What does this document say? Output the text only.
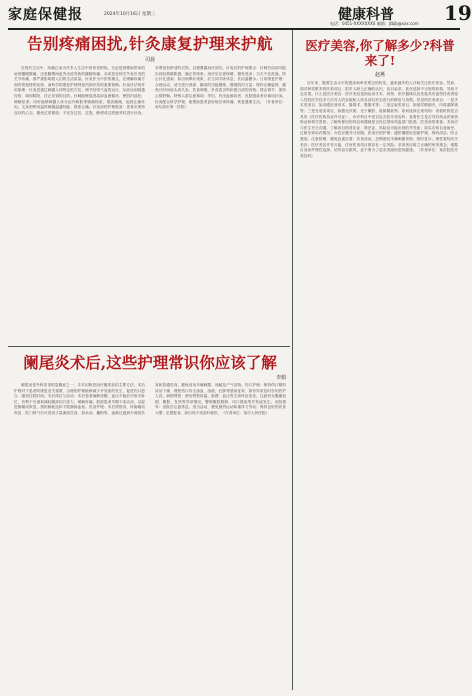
家庭保健报	2024年10月16日 星期三	健康科普	19
电话：0451-XXXXXXXX 邮箱：jtbjb@xxx.com
告别疼痛困扰,针灸康复护理来护航
司晨
在现代生活中，疼痛已成为许多人生活中的常见困扰。无论是颈椎病带来的肩颈僵硬酸痛，还是腰椎间盘突出症导致的腰腿疼痛，亦或是各种关节炎引发的关节疼痛，都严重影响着人们的生活质量。针灸作为中医的瑰宝，在缓解疼痛方面有着独特的优势，而科学的康复护理则是巩固疗效的重要保障。针灸疗法的作用原理：针灸是通过刺激人体特定的穴位，调节经络气血的运行，从而达到疏通经络、调和阴阳、扶正祛邪的目的。针刺能够促进局部血液循环，使肌肉放松，缓解痉挛；同时能够刺激人体分泌内啡肽等镇痛物质，提高痛阈，起到止痛作用。艾灸则利用温热刺激温通经脉，散寒止痛。针灸前的护理准备：患者应保持良好的心态，避免过度紧张；不宜在过饥、过饱、醉酒或过度疲劳时进行针灸；穿着宽松舒适的衣物，以便暴露治疗部位。针灸后的护理要点：针刺后局部可能出现轻微酸胀感，属正常现象；治疗后注意保暖，避免受凉；当天不宜洗澡，防止针孔感染；如出现晕针现象，应立即平卧休息，饮用温糖水。日常康复护理：合理运动，适当进行颈部、腰部的功能锻炼，增强肌肉力量；保持正确姿势，避免长时间低头或久坐；饮食调理，多食富含钙和蛋白质的食物；情志调节，保持心情舒畅。特殊人群注意事项：孕妇、有出血倾向者、皮肤感染者应慎用针灸。针灸配合科学护理，能帮助患者更好地告别疼痛，恢复健康生活。（作者单位：哈尔滨市第一医院）
阑尾炎术后,这些护理常识你应该了解
李娟
阑尾炎是外科常见的急腹症之一，手术切除是治疗阑尾炎的主要方法。术后护理对于患者的康复至关重要，合理的护理能够减少并发症的发生，促进伤口愈合，缩短住院时间。术后体位与活动：术后患者麻醉清醒、血压平稳后可取半卧位，有利于引流和减轻腹部切口张力，缓解疼痛。鼓励患者早期下床活动，以促进肠蠕动恢复，预防肠粘连和下肢静脉血栓。饮食护理：术后需禁食，待肠蠕动恢复、肛门排气后可进食少量流质饮食，如米汤、藕粉等，逐渐过渡到半流质饮食和普通饮食。避免食用辛辣刺激、油腻及产气食物。伤口护理：保持伤口敷料清洁干燥，观察伤口有无渗血、渗液、红肿等感染征象，如有异常及时告知医护人员。病情观察：密切观察体温、脉搏、血压等生命体征变化，注意有无腹痛加剧、腹胀、发热等异常情况，警惕腹腔脓肿、切口感染等并发症发生。出院指导：出院后注意休息，适当活动，避免剧烈运动和重体力劳动；保持良好的饮食习惯；定期复查，如出现不适及时就医。（作者单位：某市人民医院）
医疗美容,你了解多少?科普来了!
赵燕
近年来，随着生活水平的提高和审美观念的转变，越来越多的人开始关注医疗美容。然而，面对种类繁多的医美项目，很多人缺乏正确的认识，盲目追求，甚至选择不正规的机构，导致不良后果。什么是医疗美容：医疗美容是指运用手术、药物、医疗器械以及其他具有创伤性或者侵入性的医学技术方法对人的容貌和人体各部位形态进行的修复与再塑。常见的医美项目：一是手术类项目，如双眼皮成形术、隆鼻术、吸脂术等；二是注射类项目，如玻尿酸填充、肉毒素除皱等；三是光电类项目，如激光祛斑、光子嫩肤、射频紧致等。如何选择正规机构：查看机构是否具有《医疗机构执业许可证》，诊疗科目中是否包含医疗美容科；查看医生是否具有执业医师资格证和相关资质；了解所使用的药品和器械是否经过国家药监部门批准。医美前的准备：术前应与医生充分沟通，了解项目的适应证、禁忌证、风险及可能出现的并发症；如实告知自身病史、过敏史和用药情况；女性应避开月经期。医美后的护理：遵医嘱做好创面护理，保持清洁，防止感染；注意防晒，避免色素沉着；饮食清淡，忌烟酒及辛辣刺激食物；按时复诊。理性看待医疗美容：医疗美容并非万能，任何医美项目都存在一定风险。求美者应树立正确的审美观念，根据自身条件理性选择，切勿盲目跟风，更不要为了追求美丽而忽视健康。（作者单位：某医院医疗美容科）
